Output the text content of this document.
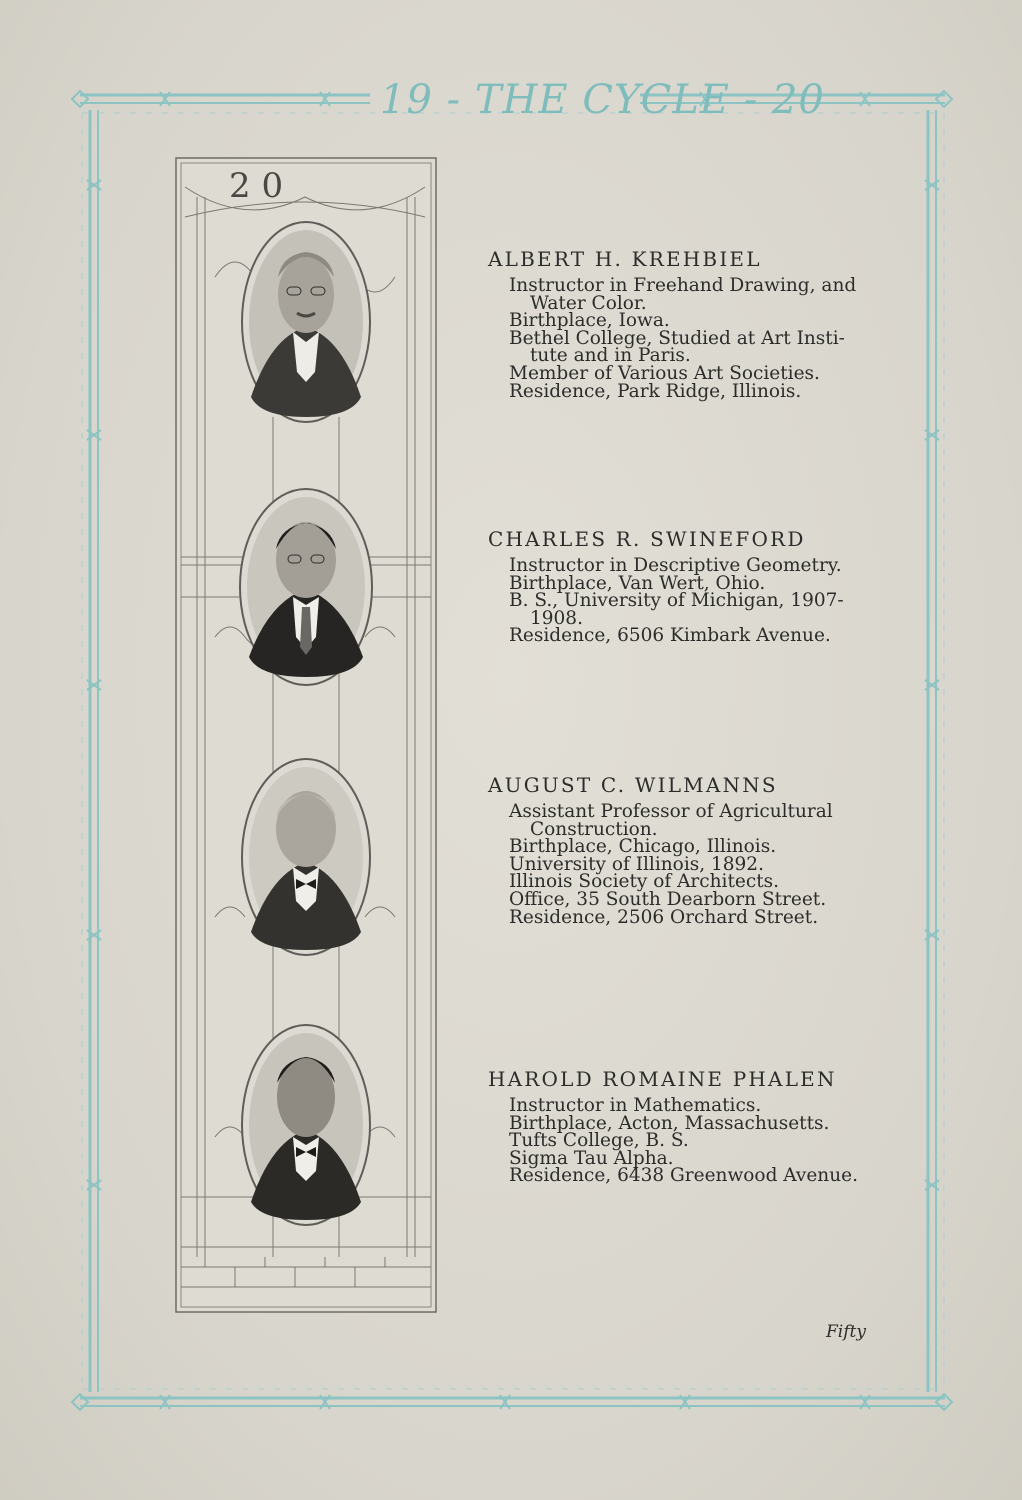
19 - THE CYCLE - 20
2 0
ALBERT H. KREHBIEL
Instructor in Freehand Drawing, and
Water Color.
Birthplace, Iowa.
Bethel College, Studied at Art Insti-
tute and in Paris.
Member of Various Art Societies.
Residence, Park Ridge, Illinois.
CHARLES R. SWINEFORD
Instructor in Descriptive Geometry.
Birthplace, Van Wert, Ohio.
B. S., University of Michigan, 1907-
1908.
Residence, 6506 Kimbark Avenue.
AUGUST C. WILMANNS
Assistant Professor of Agricultural
Construction.
Birthplace, Chicago, Illinois.
University of Illinois, 1892.
Illinois Society of Architects.
Office, 35 South Dearborn Street.
Residence, 2506 Orchard Street.
HAROLD ROMAINE PHALEN
Instructor in Mathematics.
Birthplace, Acton, Massachusetts.
Tufts College, B. S.
Sigma Tau Alpha.
Residence, 6438 Greenwood Avenue.
Fifty
